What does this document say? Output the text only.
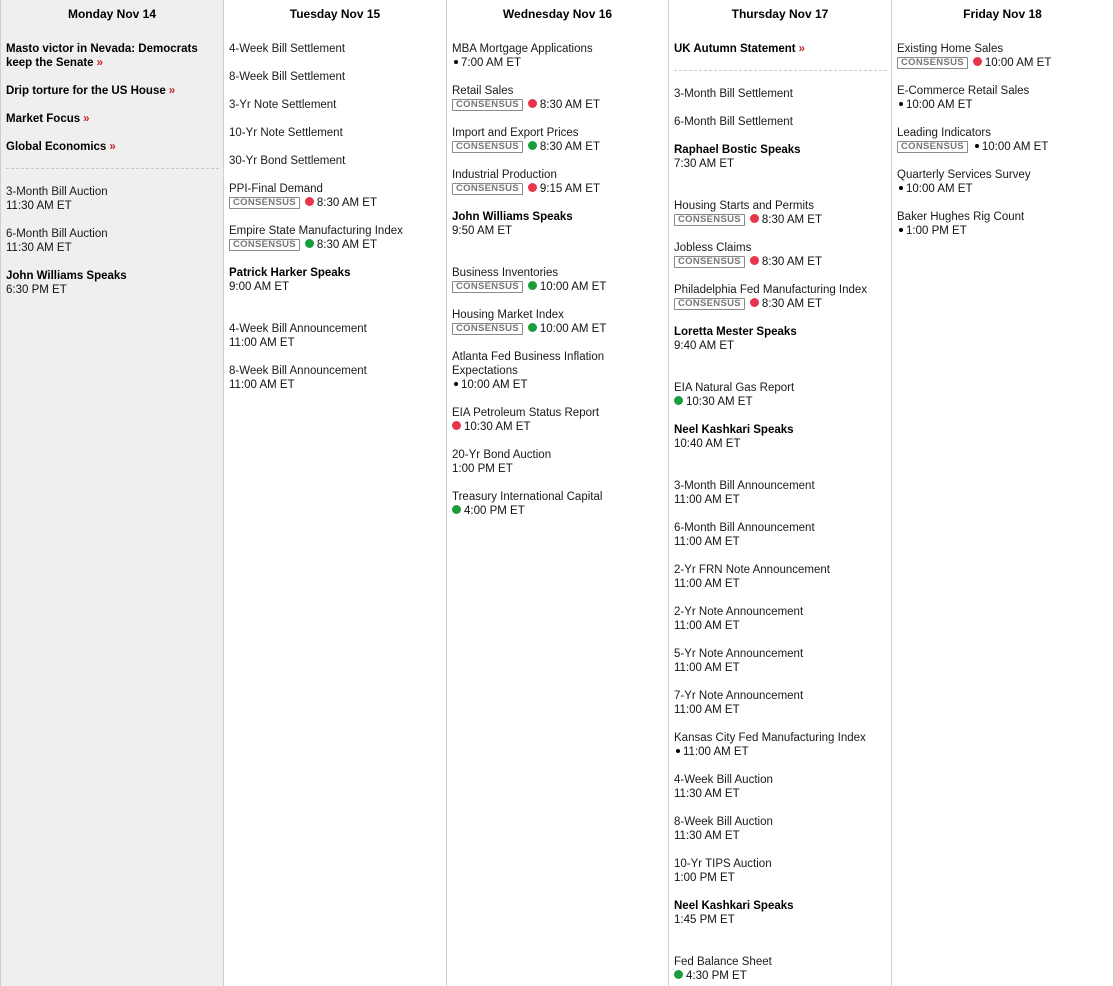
Monday Nov 14
Masto victor in Nevada: Democrats keep the Senate »
Drip torture for the US House »
Market Focus »
Global Economics »
3-Month Bill Auction
11:30 AM ET
6-Month Bill Auction
11:30 AM ET
John Williams Speaks
6:30 PM ET
Tuesday Nov 15
4-Week Bill Settlement
8-Week Bill Settlement
3-Yr Note Settlement
10-Yr Note Settlement
30-Yr Bond Settlement
PPI-Final Demand
CONSENSUS 8:30 AM ET
Empire State Manufacturing Index
CONSENSUS 8:30 AM ET
Patrick Harker Speaks
9:00 AM ET
4-Week Bill Announcement
11:00 AM ET
8-Week Bill Announcement
11:00 AM ET
Wednesday Nov 16
MBA Mortgage Applications
7:00 AM ET
Retail Sales
CONSENSUS 8:30 AM ET
Import and Export Prices
CONSENSUS 8:30 AM ET
Industrial Production
CONSENSUS 9:15 AM ET
John Williams Speaks
9:50 AM ET
Business Inventories
CONSENSUS 10:00 AM ET
Housing Market Index
CONSENSUS 10:00 AM ET
Atlanta Fed Business Inflation Expectations
10:00 AM ET
EIA Petroleum Status Report
10:30 AM ET
20-Yr Bond Auction
1:00 PM ET
Treasury International Capital
4:00 PM ET
Thursday Nov 17
UK Autumn Statement »
3-Month Bill Settlement
6-Month Bill Settlement
Raphael Bostic Speaks
7:30 AM ET
Housing Starts and Permits
CONSENSUS 8:30 AM ET
Jobless Claims
CONSENSUS 8:30 AM ET
Philadelphia Fed Manufacturing Index
CONSENSUS 8:30 AM ET
Loretta Mester Speaks
9:40 AM ET
EIA Natural Gas Report
10:30 AM ET
Neel Kashkari Speaks
10:40 AM ET
3-Month Bill Announcement
11:00 AM ET
6-Month Bill Announcement
11:00 AM ET
2-Yr FRN Note Announcement
11:00 AM ET
2-Yr Note Announcement
11:00 AM ET
5-Yr Note Announcement
11:00 AM ET
7-Yr Note Announcement
11:00 AM ET
Kansas City Fed Manufacturing Index
11:00 AM ET
4-Week Bill Auction
11:30 AM ET
8-Week Bill Auction
11:30 AM ET
10-Yr TIPS Auction
1:00 PM ET
Neel Kashkari Speaks
1:45 PM ET
Fed Balance Sheet
4:30 PM ET
Friday Nov 18
Existing Home Sales
CONSENSUS 10:00 AM ET
E-Commerce Retail Sales
10:00 AM ET
Leading Indicators
CONSENSUS 10:00 AM ET
Quarterly Services Survey
10:00 AM ET
Baker Hughes Rig Count
1:00 PM ET
